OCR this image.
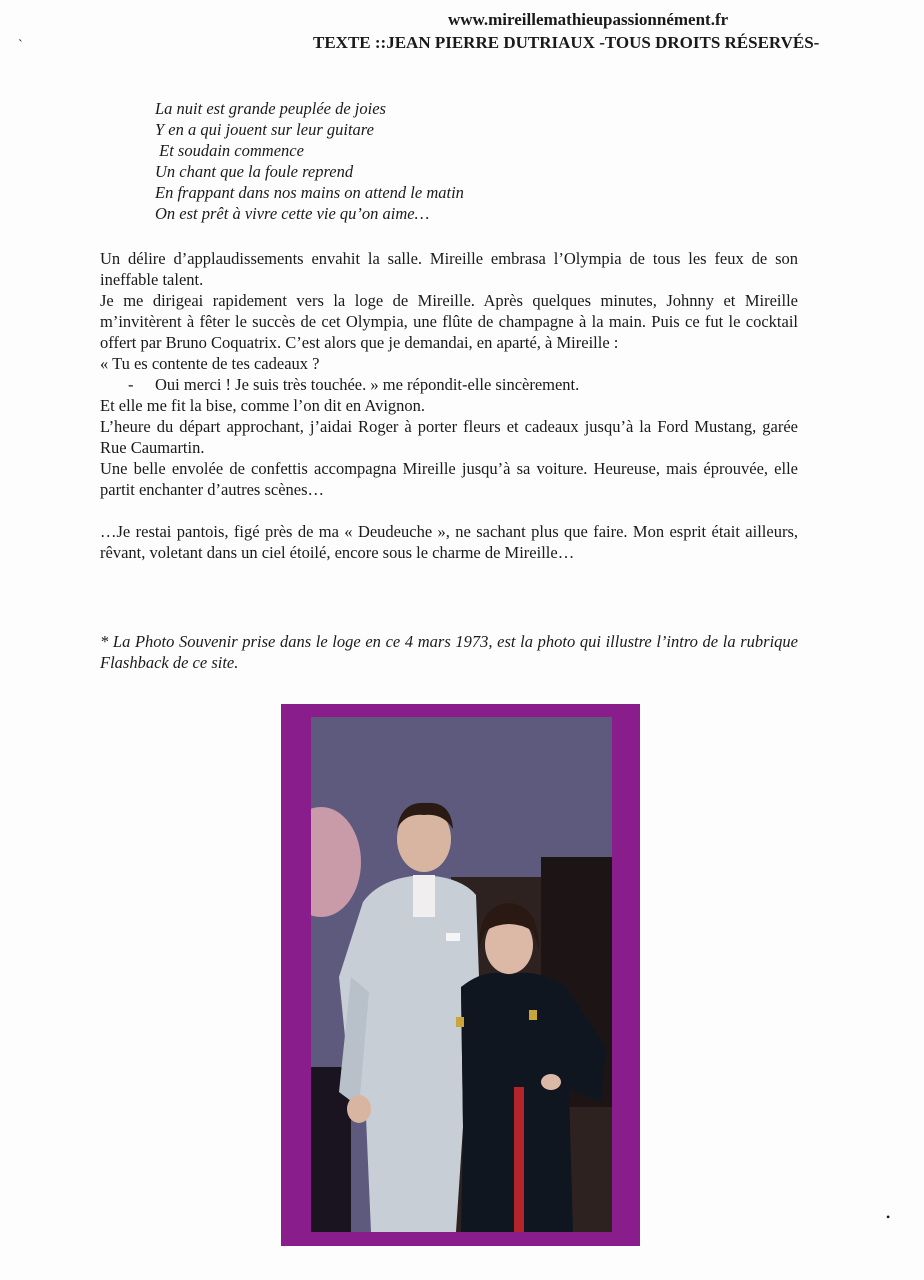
`
www.mireillemathieupassionnément.fr
TEXTE ::JEAN PIERRE DUTRIAUX -TOUS DROITS RÉSERVÉS-
La nuit est grande peuplée de joies
Y en a qui jouent sur leur guitare
Et soudain commence
Un chant que la foule reprend
En frappant dans nos mains on attend le matin
On est prêt à vivre cette vie qu’on aime…

Un délire d’applaudissements envahit la salle. Mireille embrasa l’Olympia de tous les feux de son ineffable talent.

Je me dirigeai rapidement vers la loge de Mireille. Après quelques minutes, Johnny et Mireille m’invitèrent à fêter le succès de cet Olympia, une flûte de champagne à la main. Puis ce fut le cocktail offert par Bruno Coquatrix. C’est alors que je demandai, en aparté, à Mireille :

« Tu es contente de tes cadeaux ?

- Oui merci ! Je suis très touchée. » me répondit-elle sincèrement.

Et elle me fit la bise, comme l’on dit en Avignon.

L’heure du départ approchant, j’aidai Roger à porter fleurs et cadeaux jusqu’à la Ford Mustang, garée Rue Caumartin.

Une belle envolée de confettis accompagna Mireille jusqu’à sa voiture. Heureuse, mais éprouvée, elle partit enchanter d’autres scènes…

…Je restai pantois, figé près de ma « Deudeuche », ne sachant plus que faire. Mon esprit était ailleurs, rêvant, voletant dans un ciel étoilé, encore sous le charme de Mireille…

* La Photo Souvenir prise dans le loge en ce 4 mars 1973, est la photo qui illustre l’intro de la rubrique Flashback de ce site.
•
